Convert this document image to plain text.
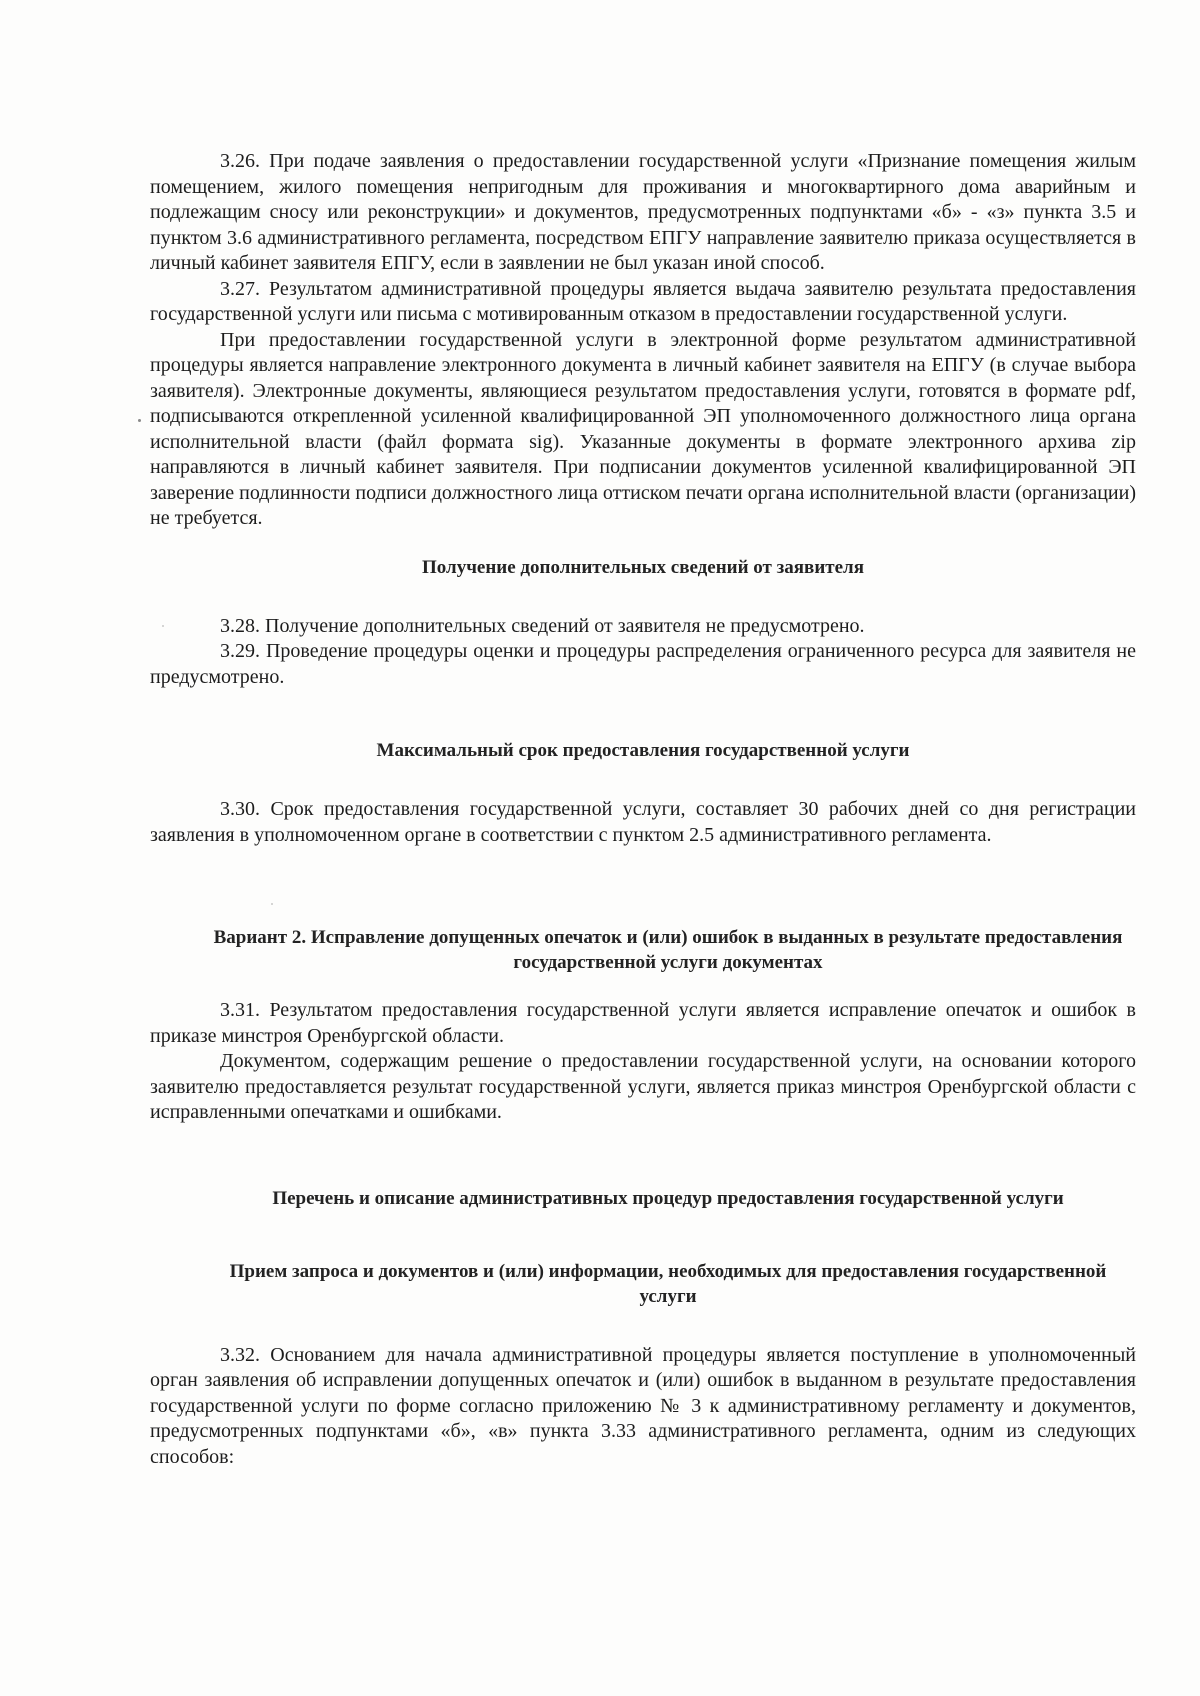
3.26. При подаче заявления о предоставлении государственной услуги «Признание помещения жилым помещением, жилого помещения непригодным для проживания и многоквартирного дома аварийным и подлежащим сносу или реконструкции» и документов, предусмотренных подпунктами «б» - «з» пункта 3.5 и пунктом 3.6 административного регламента, посредством ЕПГУ направление заявителю приказа осуществляется в личный кабинет заявителя ЕПГУ, если в заявлении не был указан иной способ.

3.27. Результатом административной процедуры является выдача заявителю результата предоставления государственной услуги или письма с мотивированным отказом в предоставлении государственной услуги.

При предоставлении государственной услуги в электронной форме результатом административной процедуры является направление электронного документа в личный кабинет заявителя на ЕПГУ (в случае выбора заявителя). Электронные документы, являющиеся результатом предоставления услуги, готовятся в формате pdf, подписываются открепленной усиленной квалифицированной ЭП уполномоченного должностного лица органа исполнительной власти (файл формата sig). Указанные документы в формате электронного архива zip направляются в личный кабинет заявителя. При подписании документов усиленной квалифицированной ЭП заверение подлинности подписи должностного лица оттиском печати органа исполнительной власти (организации) не требуется.

Получение дополнительных сведений от заявителя

3.28. Получение дополнительных сведений от заявителя не предусмотрено.

3.29. Проведение процедуры оценки и процедуры распределения ограниченного ресурса для заявителя не предусмотрено.

Максимальный срок предоставления государственной услуги

3.30. Срок предоставления государственной услуги, составляет 30 рабочих дней со дня регистрации заявления в уполномоченном органе в соответствии с пунктом 2.5 административного регламента.

Вариант 2. Исправление допущенных опечаток и (или) ошибок в выданных в результате предоставления государственной услуги документах

3.31. Результатом предоставления государственной услуги является исправление опечаток и ошибок в приказе минстроя Оренбургской области.

Документом, содержащим решение о предоставлении государственной услуги, на основании которого заявителю предоставляется результат государственной услуги, является приказ минстроя Оренбургской области с исправленными опечатками и ошибками.

Перечень и описание административных процедур предоставления государственной услуги

Прием запроса и документов и (или) информации, необходимых для предоставления государственной услуги

3.32. Основанием для начала административной процедуры является поступление в уполномоченный орган заявления об исправлении допущенных опечаток и (или) ошибок в выданном в результате предоставления государственной услуги по форме согласно приложению № 3 к административному регламенту и документов, предусмотренных подпунктами «б», «в» пункта 3.33 административного регламента, одним из следующих способов:
